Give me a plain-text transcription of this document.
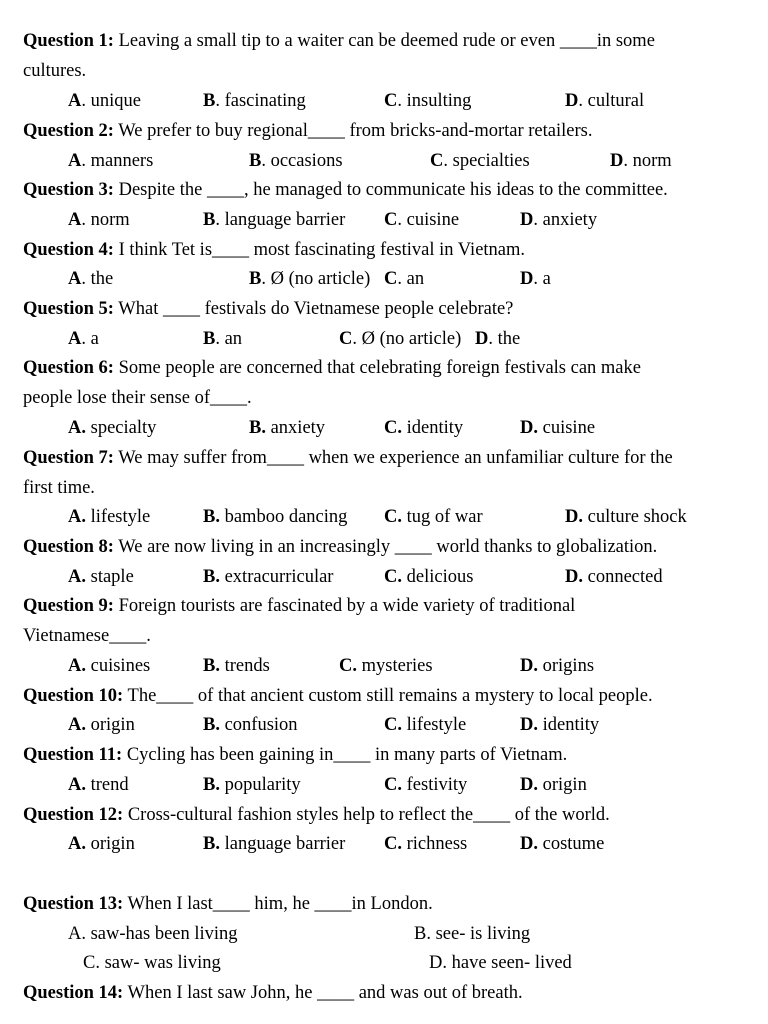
Question 1: Leaving a small tip to a waiter can be deemed rude or even ____in some
cultures.
A. unique	B. fascinating	C. insulting	D. cultural
Question 2: We prefer to buy regional____ from bricks-and-mortar retailers.
A. manners	B. occasions	C. specialties	D. norm
Question 3: Despite the ____, he managed to communicate his ideas to the committee.
A. norm	B. language barrier C. cuisine	D. anxiety
Question 4: I think Tet is____ most fascinating festival in Vietnam.
A. the	B. Ø (no article) C. an	D. a
Question 5: What ____ festivals do Vietnamese people celebrate?
A. a	B. an	C. Ø (no article) D. the
Question 6: Some people are concerned that celebrating foreign festivals can make
people lose their sense of____.
A. specialty	B. anxiety	C. identity	D. cuisine
Question 7: We may suffer from____ when we experience an unfamiliar culture for the
first time.
A. lifestyle	B. bamboo dancing C. tug of war	D. culture shock
Question 8: We are now living in an increasingly ____ world thanks to globalization.
A. staple	B. extracurricular	C. delicious	D. connected
Question 9: Foreign tourists are fascinated by a wide variety of traditional
Vietnamese____.
A. cuisines	B. trends	C. mysteries	D. origins
Question 10: The____ of that ancient custom still remains a mystery to local people.
A. origin	B. confusion	C. lifestyle	D. identity
Question 11: Cycling has been gaining in____ in many parts of Vietnam.
A. trend	B. popularity	C. festivity	D. origin
Question 12: Cross-cultural fashion styles help to reflect the____ of the world.
A. origin	B. language barrier C. richness	D. costume
Question 13: When I last____ him, he ____in London.
A. saw-has been living	B. see- is living
C. saw- was living	D. have seen- lived
Question 14: When I last saw John, he ____ and was out of breath.
